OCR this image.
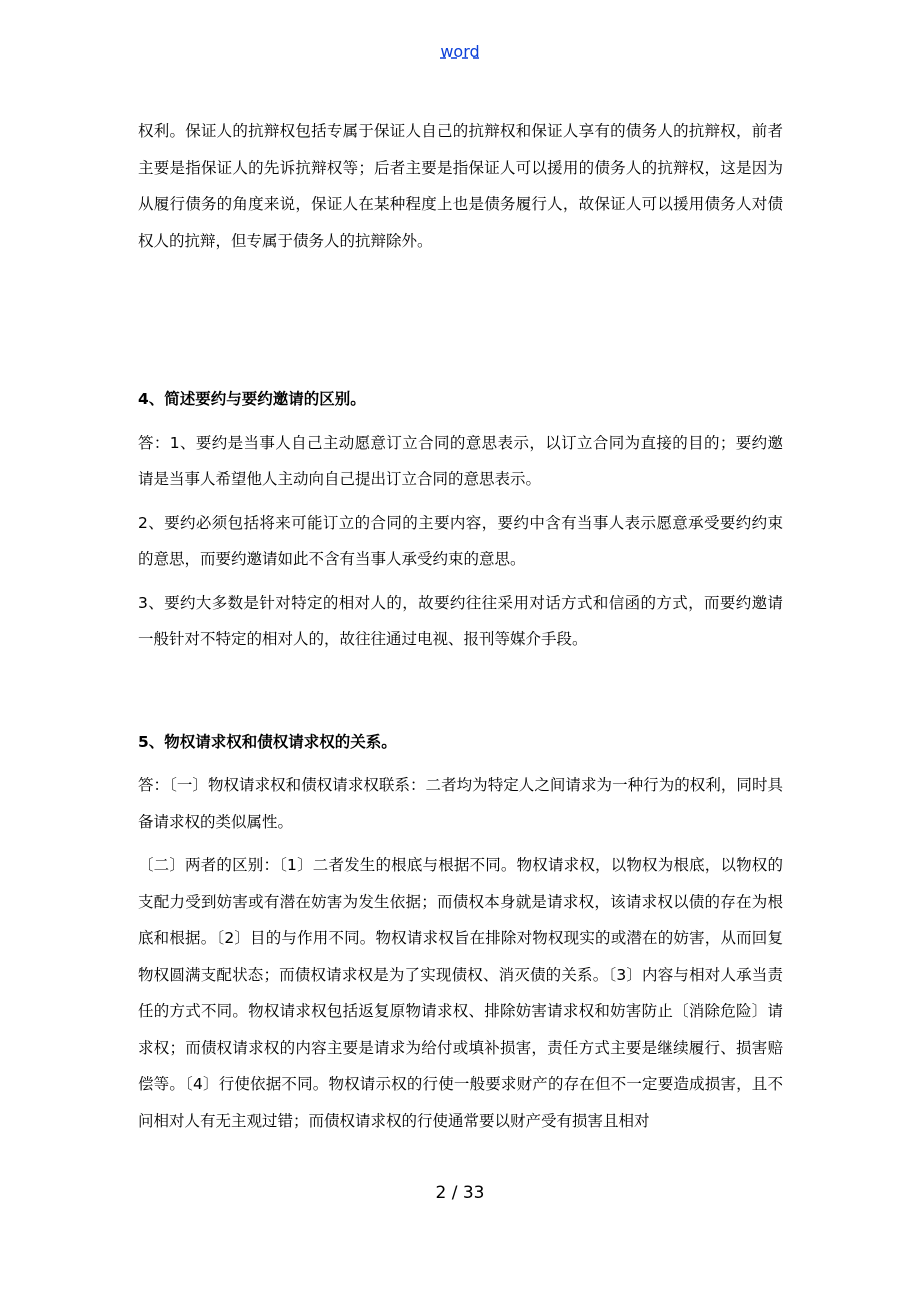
word

权利。保证人的抗辩权包括专属于保证人自己的抗辩权和保证人享有的债务人的抗辩权，前者主要是指保证人的先诉抗辩权等；后者主要是指保证人可以援用的债务人的抗辩权，这是因为从履行债务的角度来说，保证人在某种程度上也是债务履行人，故保证人可以援用债务人对债权人的抗辩，但专属于债务人的抗辩除外。

4、简述要约与要约邀请的区别。

答：1、要约是当事人自己主动愿意订立合同的意思表示，以订立合同为直接的目的；要约邀请是当事人希望他人主动向自己提出订立合同的意思表示。

2、要约必须包括将来可能订立的合同的主要内容，要约中含有当事人表示愿意承受要约约束的意思，而要约邀请如此不含有当事人承受约束的意思。

3、要约大多数是针对特定的相对人的，故要约往往采用对话方式和信函的方式，而要约邀请一般针对不特定的相对人的，故往往通过电视、报刊等媒介手段。

5、物权请求权和债权请求权的关系。

答：〔一〕物权请求权和债权请求权联系：二者均为特定人之间请求为一种行为的权利，同时具备请求权的类似属性。

〔二〕两者的区别：〔1〕二者发生的根底与根据不同。物权请求权，以物权为根底，以物权的支配力受到妨害或有潜在妨害为发生依据；而债权本身就是请求权，该请求权以债的存在为根底和根据。〔2〕目的与作用不同。物权请求权旨在排除对物权现实的或潜在的妨害，从而回复物权圆满支配状态；而债权请求权是为了实现债权、消灭债的关系。〔3〕内容与相对人承当责任的方式不同。物权请求权包括返复原物请求权、排除妨害请求权和妨害防止〔消除危险〕请求权；而债权请求权的内容主要是请求为给付或填补损害，责任方式主要是继续履行、损害赔偿等。〔4〕行使依据不同。物权请示权的行使一般要求财产的存在但不一定要造成损害，且不问相对人有无主观过错；而债权请求权的行使通常要以财产受有损害且相对

2 / 33
